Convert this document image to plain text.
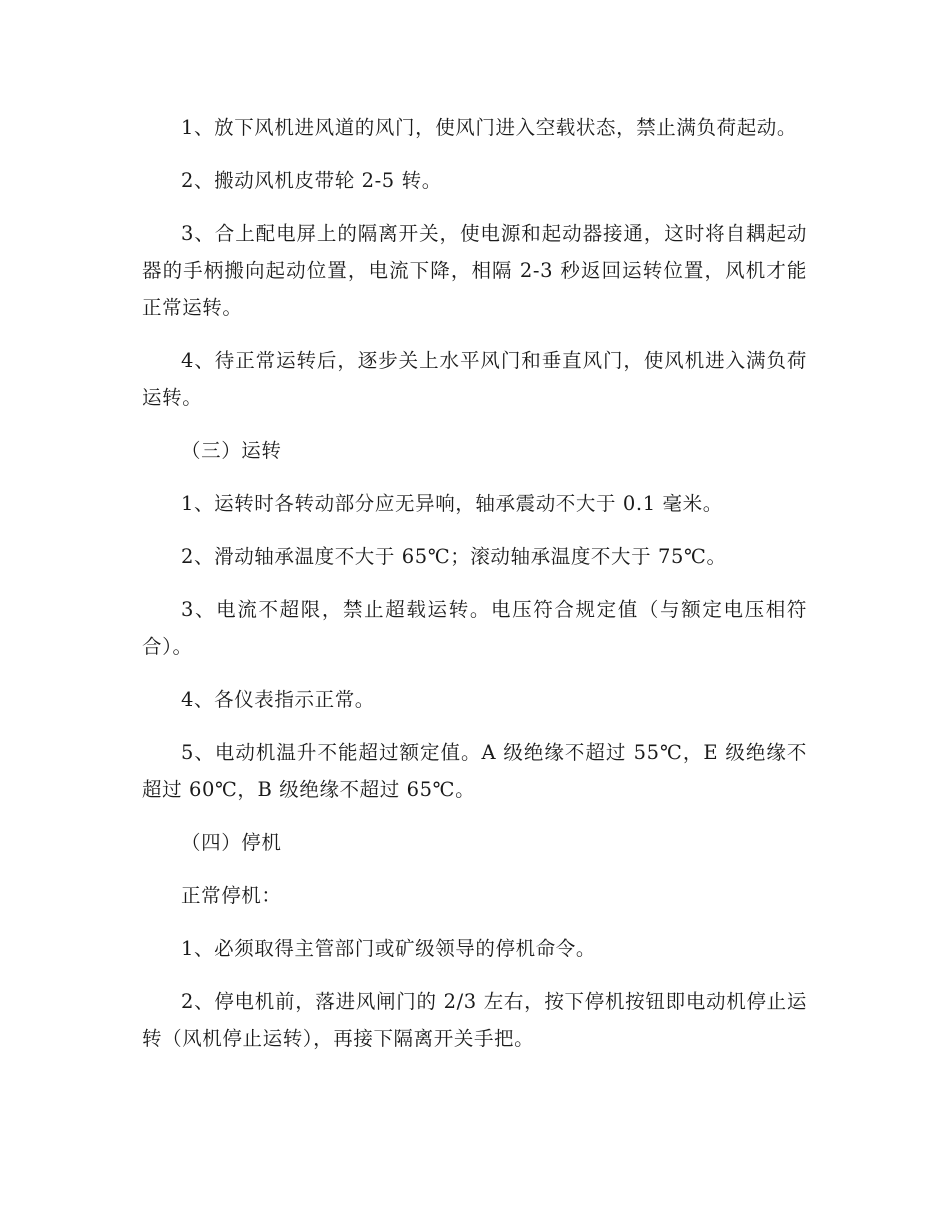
1、放下风机进风道的风门，使风门进入空载状态，禁止满负荷起动。

2、搬动风机皮带轮 2-5 转。

3、合上配电屏上的隔离开关，使电源和起动器接通，这时将自耦起动器的手柄搬向起动位置，电流下降，相隔 2-3 秒返回运转位置，风机才能正常运转。

4、待正常运转后，逐步关上水平风门和垂直风门，使风机进入满负荷运转。

（三）运转

1、运转时各转动部分应无异响，轴承震动不大于 0.1 毫米。

2、滑动轴承温度不大于 65℃；滚动轴承温度不大于 75℃。

3、电流不超限，禁止超载运转。电压符合规定值（与额定电压相符合）。

4、各仪表指示正常。

5、电动机温升不能超过额定值。A 级绝缘不超过 55℃，E 级绝缘不超过 60℃，B 级绝缘不超过 65℃。

（四）停机

正常停机：

1、必须取得主管部门或矿级领导的停机命令。

2、停电机前，落进风闸门的 2/3 左右，按下停机按钮即电动机停止运转（风机停止运转），再接下隔离开关手把。
